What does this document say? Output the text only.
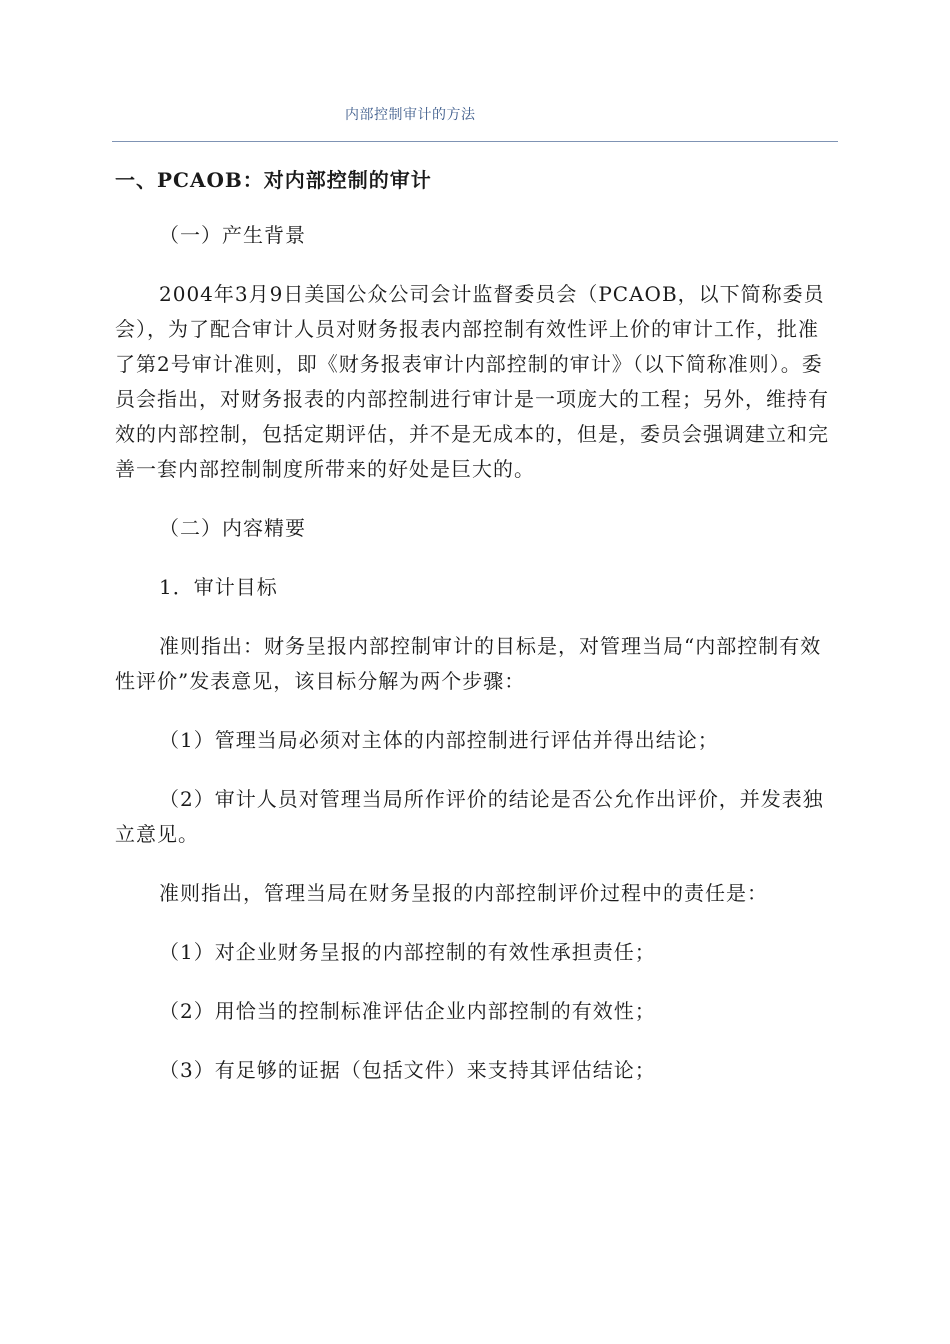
内部控制审计的方法
一、PCAOB：对内部控制的审计
（一）产生背景
2004年3月9日美国公众公司会计监督委员会（PCAOB，以下简称委员会），为了配合审计人员对财务报表内部控制有效性评上价的审计工作，批准了第2号审计准则，即《财务报表审计内部控制的审计》（以下简称准则）。委员会指出，对财务报表的内部控制进行审计是一项庞大的工程；另外，维持有效的内部控制，包括定期评估，并不是无成本的，但是，委员会强调建立和完善一套内部控制制度所带来的好处是巨大的。
（二）内容精要
1．审计目标
准则指出：财务呈报内部控制审计的目标是，对管理当局“内部控制有效性评价”发表意见，该目标分解为两个步骤：
（1）管理当局必须对主体的内部控制进行评估并得出结论；
（2）审计人员对管理当局所作评价的结论是否公允作出评价，并发表独立意见。
准则指出，管理当局在财务呈报的内部控制评价过程中的责任是：
（1）对企业财务呈报的内部控制的有效性承担责任；
（2）用恰当的控制标准评估企业内部控制的有效性；
（3）有足够的证据（包括文件）来支持其评估结论；
